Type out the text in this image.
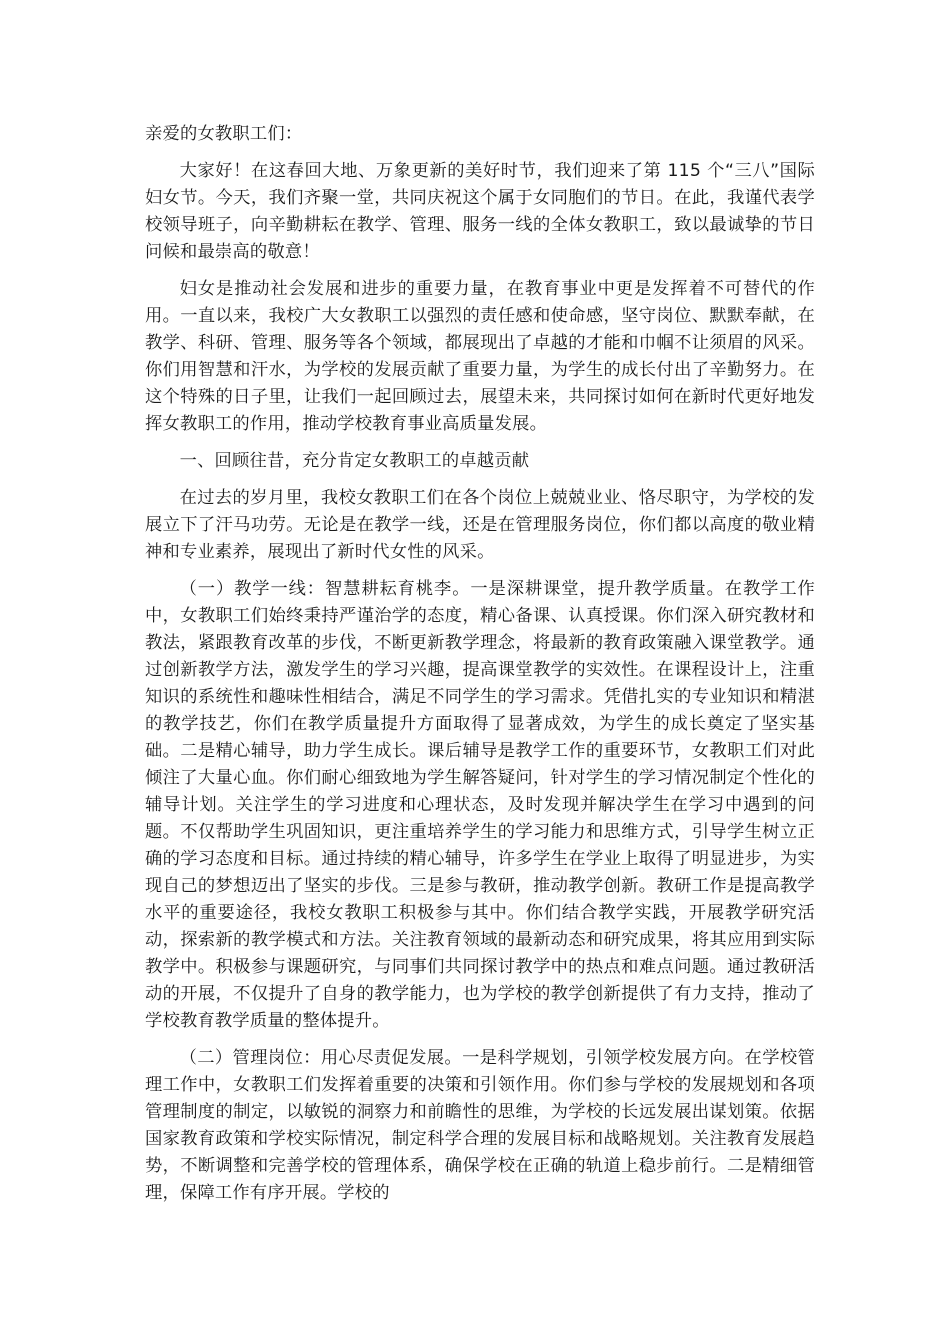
亲爱的女教职工们：

大家好！在这春回大地、万象更新的美好时节，我们迎来了第 115 个“三八”国际妇女节。今天，我们齐聚一堂，共同庆祝这个属于女同胞们的节日。在此，我谨代表学校领导班子，向辛勤耕耘在教学、管理、服务一线的全体女教职工，致以最诚挚的节日问候和最崇高的敬意！

妇女是推动社会发展和进步的重要力量，在教育事业中更是发挥着不可替代的作用。一直以来，我校广大女教职工以强烈的责任感和使命感，坚守岗位、默默奉献，在教学、科研、管理、服务等各个领域，都展现出了卓越的才能和巾帼不让须眉的风采。你们用智慧和汗水，为学校的发展贡献了重要力量，为学生的成长付出了辛勤努力。在这个特殊的日子里，让我们一起回顾过去，展望未来，共同探讨如何在新时代更好地发挥女教职工的作用，推动学校教育事业高质量发展。

一、回顾往昔，充分肯定女教职工的卓越贡献

在过去的岁月里，我校女教职工们在各个岗位上兢兢业业、恪尽职守，为学校的发展立下了汗马功劳。无论是在教学一线，还是在管理服务岗位，你们都以高度的敬业精神和专业素养，展现出了新时代女性的风采。

（一）教学一线：智慧耕耘育桃李。一是深耕课堂，提升教学质量。在教学工作中，女教职工们始终秉持严谨治学的态度，精心备课、认真授课。你们深入研究教材和教法，紧跟教育改革的步伐，不断更新教学理念，将最新的教育政策融入课堂教学。通过创新教学方法，激发学生的学习兴趣，提高课堂教学的实效性。在课程设计上，注重知识的系统性和趣味性相结合，满足不同学生的学习需求。凭借扎实的专业知识和精湛的教学技艺，你们在教学质量提升方面取得了显著成效，为学生的成长奠定了坚实基础。二是精心辅导，助力学生成长。课后辅导是教学工作的重要环节，女教职工们对此倾注了大量心血。你们耐心细致地为学生解答疑问，针对学生的学习情况制定个性化的辅导计划。关注学生的学习进度和心理状态，及时发现并解决学生在学习中遇到的问题。不仅帮助学生巩固知识，更注重培养学生的学习能力和思维方式，引导学生树立正确的学习态度和目标。通过持续的精心辅导，许多学生在学业上取得了明显进步，为实现自己的梦想迈出了坚实的步伐。三是参与教研，推动教学创新。教研工作是提高教学水平的重要途径，我校女教职工积极参与其中。你们结合教学实践，开展教学研究活动，探索新的教学模式和方法。关注教育领域的最新动态和研究成果，将其应用到实际教学中。积极参与课题研究，与同事们共同探讨教学中的热点和难点问题。通过教研活动的开展，不仅提升了自身的教学能力，也为学校的教学创新提供了有力支持，推动了学校教育教学质量的整体提升。

（二）管理岗位：用心尽责促发展。一是科学规划，引领学校发展方向。在学校管理工作中，女教职工们发挥着重要的决策和引领作用。你们参与学校的发展规划和各项管理制度的制定，以敏锐的洞察力和前瞻性的思维，为学校的长远发展出谋划策。依据国家教育政策和学校实际情况，制定科学合理的发展目标和战略规划。关注教育发展趋势，不断调整和完善学校的管理体系，确保学校在正确的轨道上稳步前行。二是精细管理，保障工作有序开展。学校的
